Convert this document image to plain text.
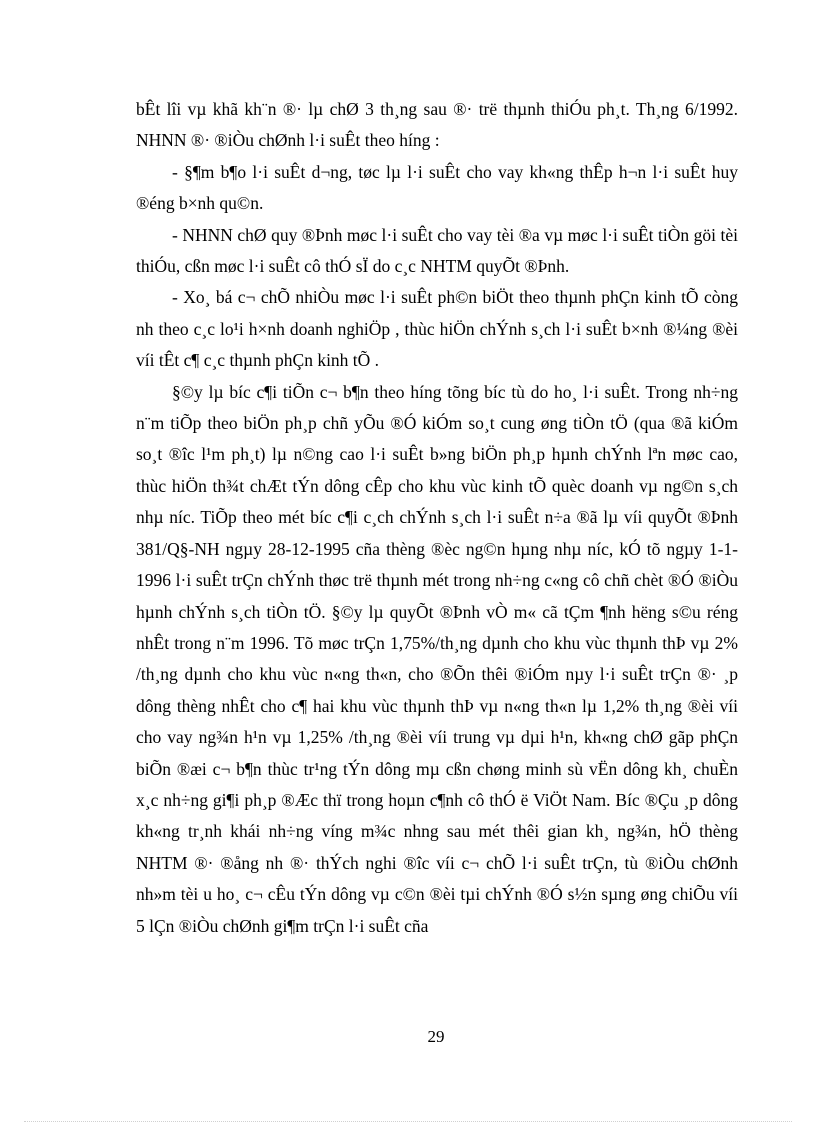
bÊt lîi vµ khã kh¨n ®· lµ chØ 3 th¸ng sau ®· trë thµnh thiÓu ph¸t. Th¸ng 6/1992. NHNN ®· ®iÒu chØnh l·i suÊt theo híng :

- §¶m b¶o l·i suÊt d¬ng, tøc lµ l·i suÊt cho vay kh«ng thÊp h¬n l·i suÊt huy ®éng b×nh qu©n.

- NHNN chØ quy ®Þnh møc l·i suÊt cho vay tèi ®a vµ møc l·i suÊt tiÒn göi tèi thiÓu, cßn møc l·i suÊt cô thÓ sÏ do c¸c NHTM quyÕt ®Þnh.

- Xo¸ bá c¬ chÕ nhiÒu møc l·i suÊt ph©n biÖt theo thµnh phÇn kinh tÕ còng nh theo c¸c lo¹i h×nh doanh nghiÖp , thùc hiÖn chÝnh s¸ch l·i suÊt b×nh ®¼ng ®èi víi tÊt c¶ c¸c thµnh phÇn kinh tÕ .

§©y lµ bíc c¶i tiÕn c¬ b¶n theo híng tõng bíc tù do ho¸ l·i suÊt. Trong nh÷ng n¨m tiÕp theo biÖn ph¸p chñ yÕu ®Ó kiÓm so¸t cung øng tiÒn tÖ (qua ®ã kiÓm so¸t ®îc l¹m ph¸t) lµ n©ng cao l·i suÊt b»ng biÖn ph¸p hµnh chÝnh lªn møc cao, thùc hiÖn th¾t chÆt tÝn dông cÊp cho khu vùc kinh tÕ quèc doanh vµ ng©n s¸ch nhµ níc. TiÕp theo mét bíc c¶i c¸ch chÝnh s¸ch l·i suÊt n÷a ®ã lµ víi quyÕt ®Þnh 381/Q§-NH ngµy 28-12-1995 cña thèng ®èc ng©n hµng nhµ níc, kÓ tõ ngµy 1-1-1996 l·i suÊt trÇn chÝnh thøc trë thµnh mét trong nh÷ng c«ng cô chñ chèt ®Ó ®iÒu hµnh chÝnh s¸ch tiÒn tÖ. §©y lµ quyÕt ®Þnh vÒ m« cã tÇm ¶nh hëng s©u réng nhÊt trong n¨m 1996. Tõ møc trÇn 1,75%/th¸ng dµnh cho khu vùc thµnh thÞ vµ 2% /th¸ng dµnh cho khu vùc n«ng th«n, cho ®Õn thêi ®iÓm nµy l·i suÊt trÇn ®· ¸p dông thèng nhÊt cho c¶ hai khu vùc thµnh thÞ vµ n«ng th«n lµ 1,2% th¸ng ®èi víi cho vay ng¾n h¹n vµ 1,25% /th¸ng ®èi víi trung vµ dµi h¹n, kh«ng chØ gãp phÇn biÕn ®æi c¬ b¶n thùc tr¹ng tÝn dông mµ cßn chøng minh sù vËn dông kh¸ chuÈn x¸c nh÷ng gi¶i ph¸p ®Æc thï trong hoµn c¶nh cô thÓ ë ViÖt Nam. Bíc ®Çu ¸p dông kh«ng tr¸nh khái nh÷ng víng m¾c nhng sau mét thêi gian kh¸ ng¾n, hÖ thèng NHTM ®· ®ång nh ®· thÝch nghi ®îc víi c¬ chÕ l·i suÊt trÇn, tù ®iÒu chØnh nh»m tèi u ho¸ c¬ cÊu tÝn dông vµ c©n ®èi tµi chÝnh ®Ó s½n sµng øng chiÕu víi 5 lÇn ®iÒu chØnh gi¶m trÇn l·i suÊt cña

29
